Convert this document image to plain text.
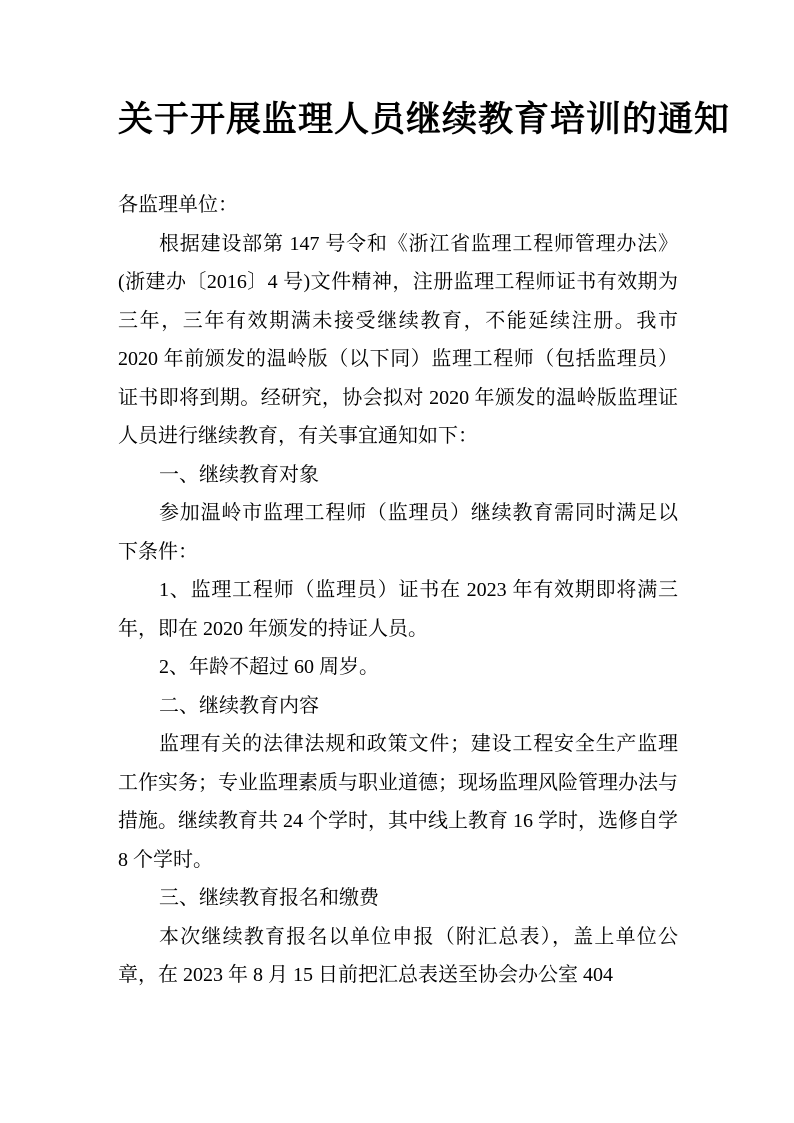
关于开展监理人员继续教育培训的通知

各监理单位：

根据建设部第 147 号令和《浙江省监理工程师管理办法》(浙建办〔2016〕4 号)文件精神，注册监理工程师证书有效期为三年，三年有效期满未接受继续教育，不能延续注册。我市 2020 年前颁发的温岭版（以下同）监理工程师（包括监理员）证书即将到期。经研究，协会拟对 2020 年颁发的温岭版监理证人员进行继续教育，有关事宜通知如下：

一、继续教育对象

参加温岭市监理工程师（监理员）继续教育需同时满足以下条件：

1、监理工程师（监理员）证书在 2023 年有效期即将满三年，即在 2020 年颁发的持证人员。

2、年龄不超过 60 周岁。

二、继续教育内容

监理有关的法律法规和政策文件；建设工程安全生产监理工作实务；专业监理素质与职业道德；现场监理风险管理办法与措施。继续教育共 24 个学时，其中线上教育 16 学时，选修自学 8 个学时。

三、继续教育报名和缴费

本次继续教育报名以单位申报（附汇总表），盖上单位公章，在 2023 年 8 月 15 日前把汇总表送至协会办公室 404
